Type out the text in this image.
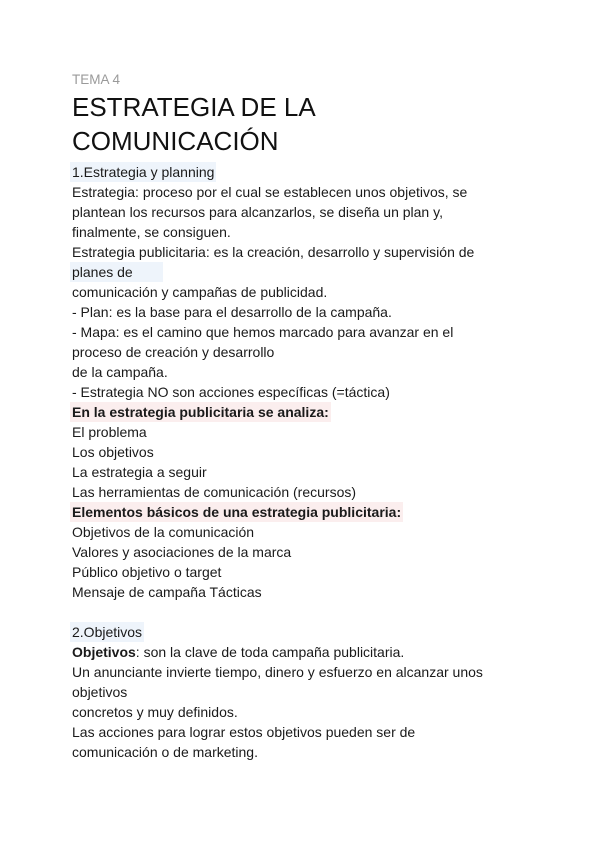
TEMA 4
ESTRATEGIA DE LA
COMUNICACIÓN
1.Estrategia y planning
Estrategia: proceso por el cual se establecen unos objetivos, se
plantean los recursos para alcanzarlos, se diseña un plan y,
finalmente, se consiguen.
Estrategia publicitaria: es la creación, desarrollo y supervisión de
planes de
comunicación y campañas de publicidad.
- Plan: es la base para el desarrollo de la campaña.
- Mapa: es el camino que hemos marcado para avanzar en el
proceso de creación y desarrollo
de la campaña.
- Estrategia NO son acciones específicas (=táctica)
En la estrategia publicitaria se analiza:
El problema
Los objetivos
La estrategia a seguir
Las herramientas de comunicación (recursos)
Elementos básicos de una estrategia publicitaria:
Objetivos de la comunicación
Valores y asociaciones de la marca
Público objetivo o target
Mensaje de campaña Tácticas
2.Objetivos
Objetivos: son la clave de toda campaña publicitaria.
Un anunciante invierte tiempo, dinero y esfuerzo en alcanzar unos
objetivos
concretos y muy definidos.
Las acciones para lograr estos objetivos pueden ser de
comunicación o de marketing.
